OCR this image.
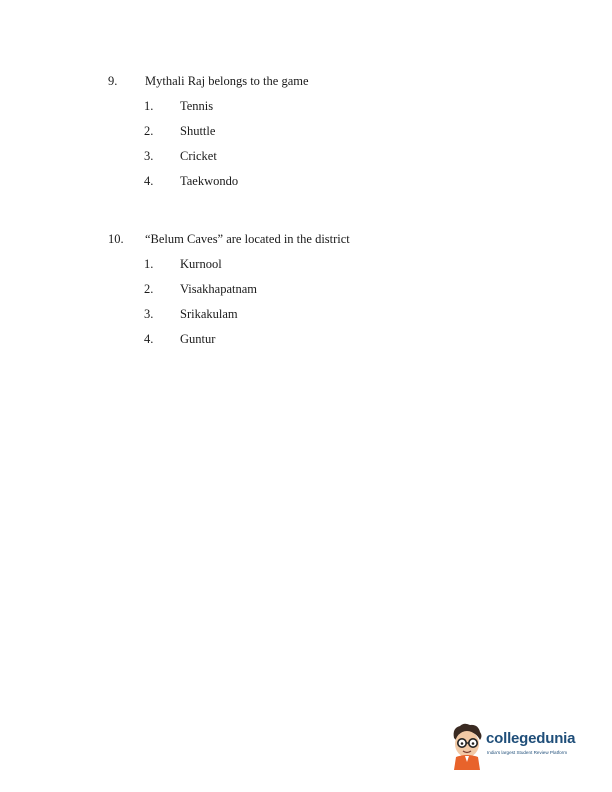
9. Mythali Raj belongs to the game
1. Tennis
2. Shuttle
3. Cricket
4. Taekwondo
10. “Belum Caves” are located in the district
1. Kurnool
2. Visakhapatnam
3. Srikakulam
4. Guntur
collegedunia
India's largest Student Review Platform
